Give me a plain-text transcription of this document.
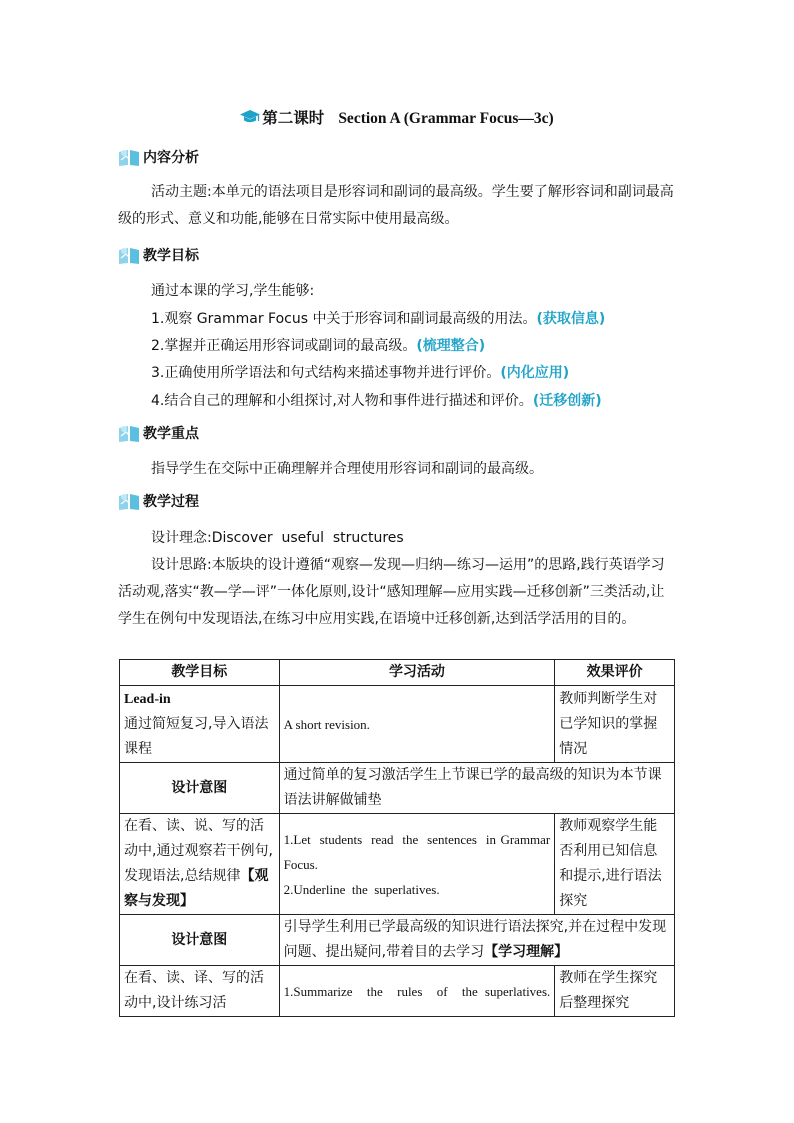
第二课时 Section A (Grammar Focus—3c)
内容分析
活动主题:本单元的语法项目是形容词和副词的最高级。学生要了解形容词和副词最高级的形式、意义和功能,能够在日常实际中使用最高级。
教学目标
通过本课的学习,学生能够:
1.观察 Grammar Focus 中关于形容词和副词最高级的用法。(获取信息)
2.掌握并正确运用形容词或副词的最高级。(梳理整合)
3.正确使用所学语法和句式结构来描述事物并进行评价。(内化应用)
4.结合自己的理解和小组探讨,对人物和事件进行描述和评价。(迁移创新)
教学重点
指导学生在交际中正确理解并合理使用形容词和副词的最高级。
教学过程
设计理念:Discover  useful  structures
设计思路:本版块的设计遵循“观察—发现—归纳—练习—运用”的思路,践行英语学习活动观,落实“教—学—评”一体化原则,设计“感知理解—应用实践—迁移创新”三类活动,让学生在例句中发现语法,在练习中应用实践,在语境中迁移创新,达到活学活用的目的。
教学目标	学习活动	效果评价

Lead-in
通过简短复习,导入语法课程	A short revision.	教师判断学生对已学知识的掌握情况
设计意图	通过简单的复习激活学生上节课已学的最高级的知识为本节课语法讲解做铺垫	
在看、读、说、写的活动中,通过观察若干例句,发现语法,总结规律【观察与发现】	1.Let  students  read  the  sentences  in Grammar Focus.
2.Underline  the  superlatives.	教师观察学生能否利用已知信息和提示,进行语法探究
设计意图	引导学生利用已学最高级的知识进行语法探究,并在过程中发现问题、提出疑问,带着目的去学习【学习理解】	
在看、读、译、写的活动中,设计练习活	1.Summarize  the  rules  of  the superlatives.	教师在学生探究后整理探究
